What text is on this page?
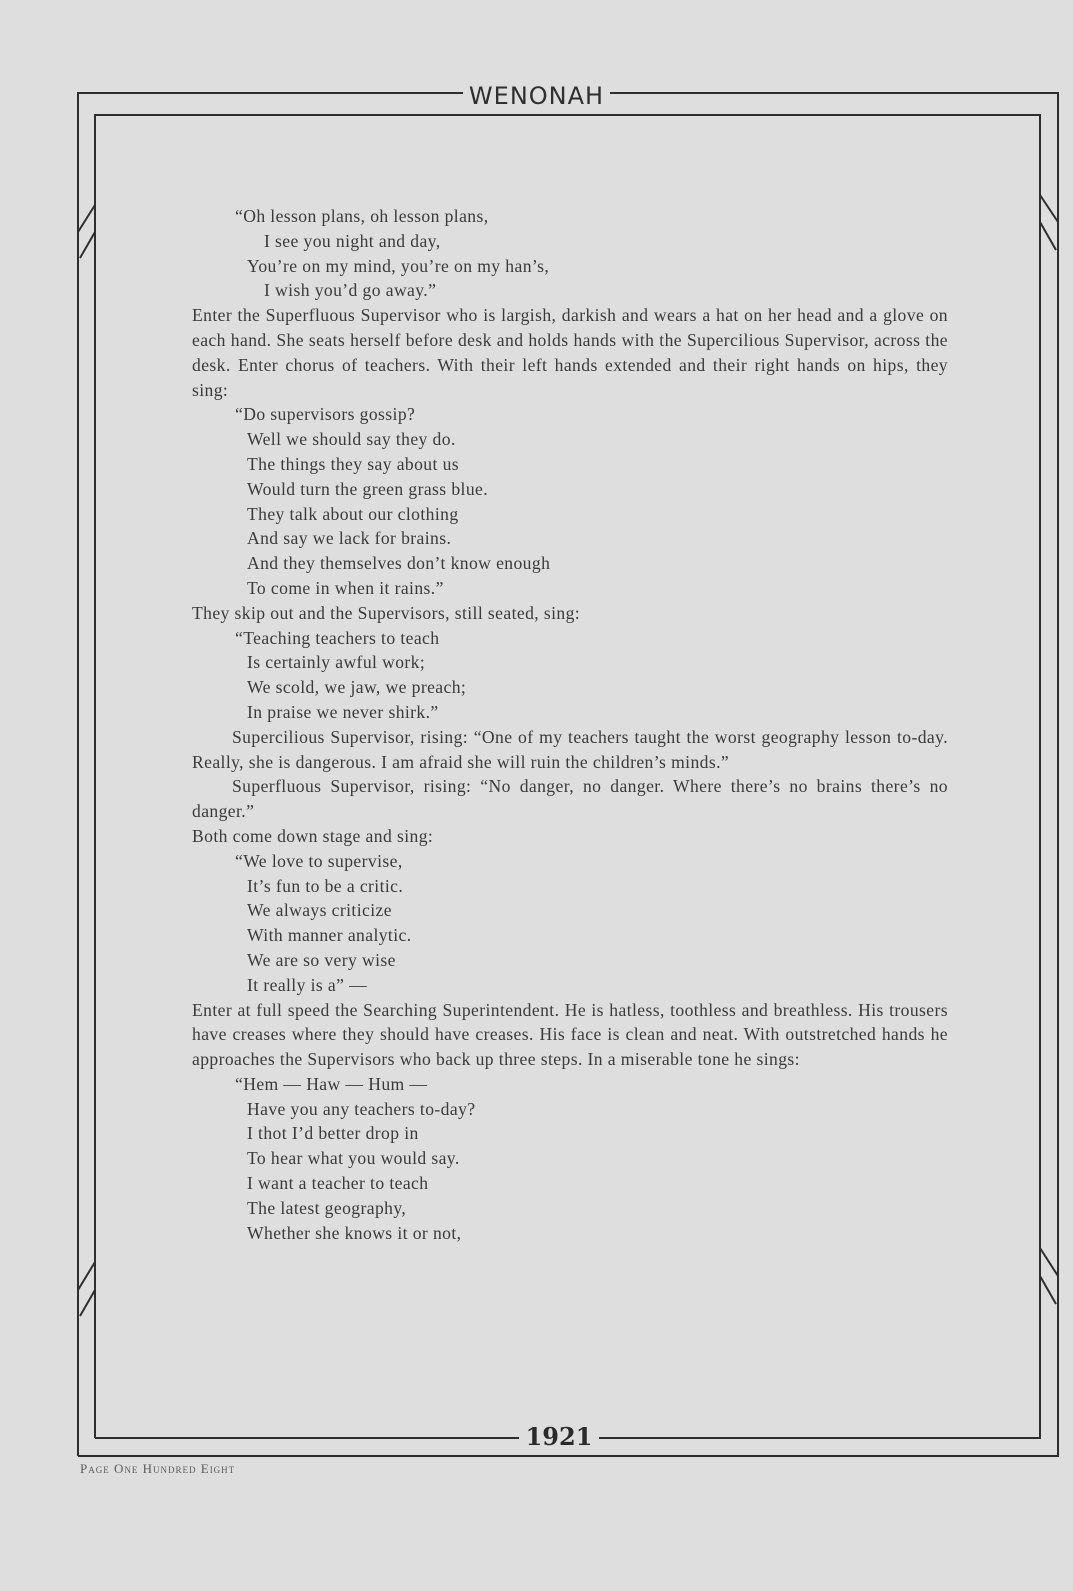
WENONAH
“Oh lesson plans, oh lesson plans,
I see you night and day,
You’re on my mind, you’re on my han’s,
I wish you’d go away.”
Enter the Superfluous Supervisor who is largish, darkish and wears a hat on her head and a glove on each hand. She seats herself before desk and holds hands with the Supercilious Supervisor, across the desk. Enter chorus of teachers. With their left hands extended and their right hands on hips, they sing:
“Do supervisors gossip?
Well we should say they do.
The things they say about us
Would turn the green grass blue.
They talk about our clothing
And say we lack for brains.
And they themselves don’t know enough
To come in when it rains.”
They skip out and the Supervisors, still seated, sing:
“Teaching teachers to teach
Is certainly awful work;
We scold, we jaw, we preach;
In praise we never shirk.”
Supercilious Supervisor, rising: “One of my teachers taught the worst geography lesson to-day. Really, she is dangerous. I am afraid she will ruin the children’s minds.”
Superfluous Supervisor, rising: “No danger, no danger. Where there’s no brains there’s no danger.”
Both come down stage and sing:
“We love to supervise,
It’s fun to be a critic.
We always criticize
With manner analytic.
We are so very wise
It really is a” —
Enter at full speed the Searching Superintendent. He is hatless, toothless and breathless. His trousers have creases where they should have creases. His face is clean and neat. With outstretched hands he approaches the Supervisors who back up three steps. In a miserable tone he sings:
“Hem — Haw — Hum —
Have you any teachers to-day?
I thot I’d better drop in
To hear what you would say.
I want a teacher to teach
The latest geography,
Whether she knows it or not,
1921
Page One Hundred Eight
